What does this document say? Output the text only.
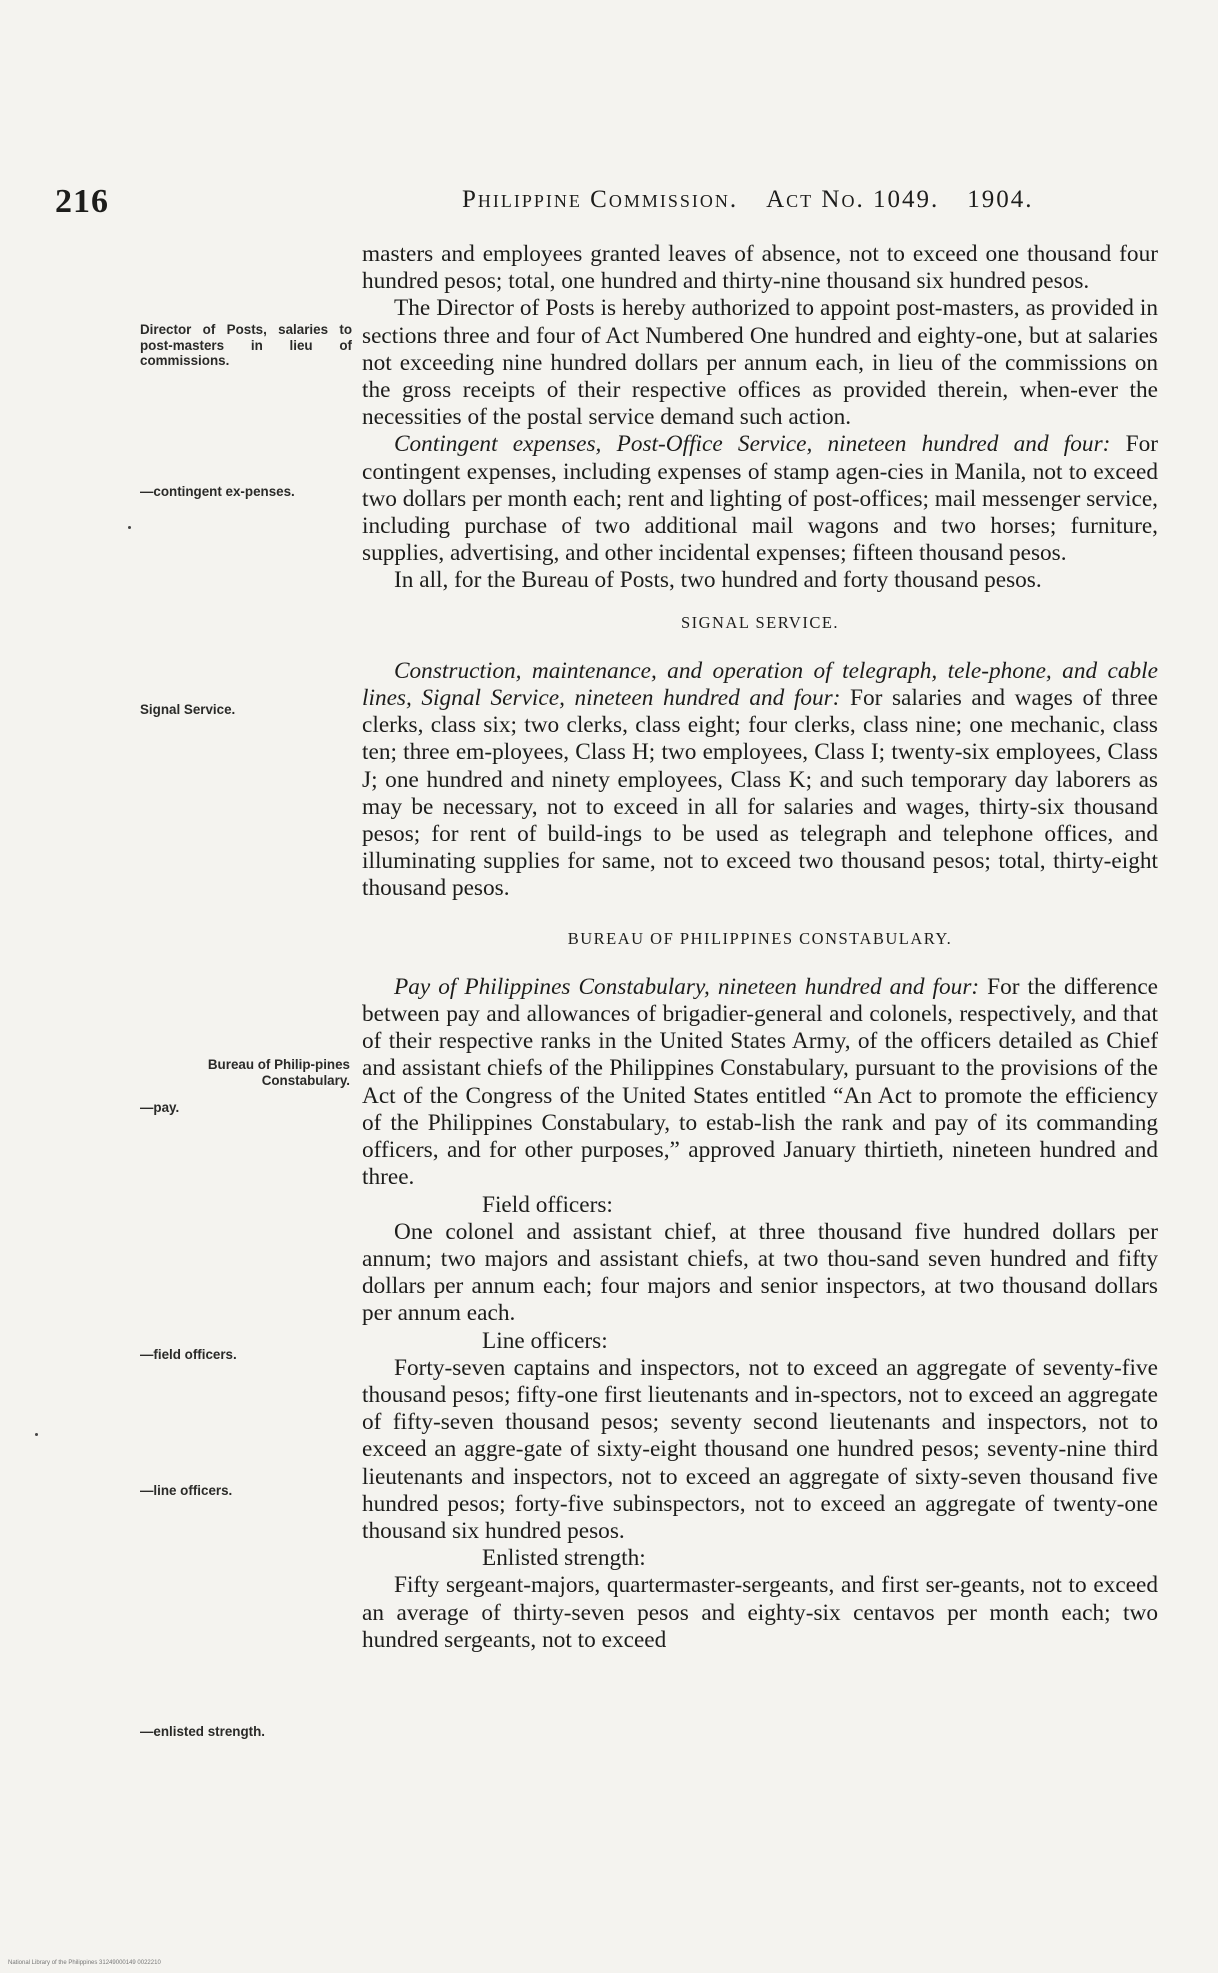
216	Philippine Commission. Act No. 1049. 1904.
Director of Posts, salaries to post-masters in lieu of commissions.
—contingent ex-penses.
Signal Service.
Bureau of Philip-pines Constabulary.
—pay.
—field officers.
—line officers.
—enlisted strength.

masters and employees granted leaves of absence, not to exceed one thousand four hundred pesos; total, one hundred and thirty-nine thousand six hundred pesos.

The Director of Posts is hereby authorized to appoint post-masters, as provided in sections three and four of Act Numbered One hundred and eighty-one, but at salaries not exceeding nine hundred dollars per annum each, in lieu of the commissions on the gross receipts of their respective offices as provided therein, when-ever the necessities of the postal service demand such action.

Contingent expenses, Post-Office Service, nineteen hundred and four: For contingent expenses, including expenses of stamp agen-cies in Manila, not to exceed two dollars per month each; rent and lighting of post-offices; mail messenger service, including purchase of two additional mail wagons and two horses; furniture, supplies, advertising, and other incidental expenses; fifteen thousand pesos.

In all, for the Bureau of Posts, two hundred and forty thousand pesos.

SIGNAL SERVICE.

Construction, maintenance, and operation of telegraph, tele-phone, and cable lines, Signal Service, nineteen hundred and four: For salaries and wages of three clerks, class six; two clerks, class eight; four clerks, class nine; one mechanic, class ten; three em-ployees, Class H; two employees, Class I; twenty-six employees, Class J; one hundred and ninety employees, Class K; and such temporary day laborers as may be necessary, not to exceed in all for salaries and wages, thirty-six thousand pesos; for rent of build-ings to be used as telegraph and telephone offices, and illuminating supplies for same, not to exceed two thousand pesos; total, thirty-eight thousand pesos.

BUREAU OF PHILIPPINES CONSTABULARY.

Pay of Philippines Constabulary, nineteen hundred and four: For the difference between pay and allowances of brigadier-general and colonels, respectively, and that of their respective ranks in the United States Army, of the officers detailed as Chief and assistant chiefs of the Philippines Constabulary, pursuant to the provisions of the Act of the Congress of the United States entitled “An Act to promote the efficiency of the Philippines Constabulary, to estab-lish the rank and pay of its commanding officers, and for other purposes,” approved January thirtieth, nineteen hundred and three.

Field officers:

One colonel and assistant chief, at three thousand five hundred dollars per annum; two majors and assistant chiefs, at two thou-sand seven hundred and fifty dollars per annum each; four majors and senior inspectors, at two thousand dollars per annum each.

Line officers:

Forty-seven captains and inspectors, not to exceed an aggregate of seventy-five thousand pesos; fifty-one first lieutenants and in-spectors, not to exceed an aggregate of fifty-seven thousand pesos; seventy second lieutenants and inspectors, not to exceed an aggre-gate of sixty-eight thousand one hundred pesos; seventy-nine third lieutenants and inspectors, not to exceed an aggregate of sixty-seven thousand five hundred pesos; forty-five subinspectors, not to exceed an aggregate of twenty-one thousand six hundred pesos.

Enlisted strength:

Fifty sergeant-majors, quartermaster-sergeants, and first ser-geants, not to exceed an average of thirty-seven pesos and eighty-six centavos per month each; two hundred sergeants, not to exceed

National Library of the Philippines 31249000149 0022210
